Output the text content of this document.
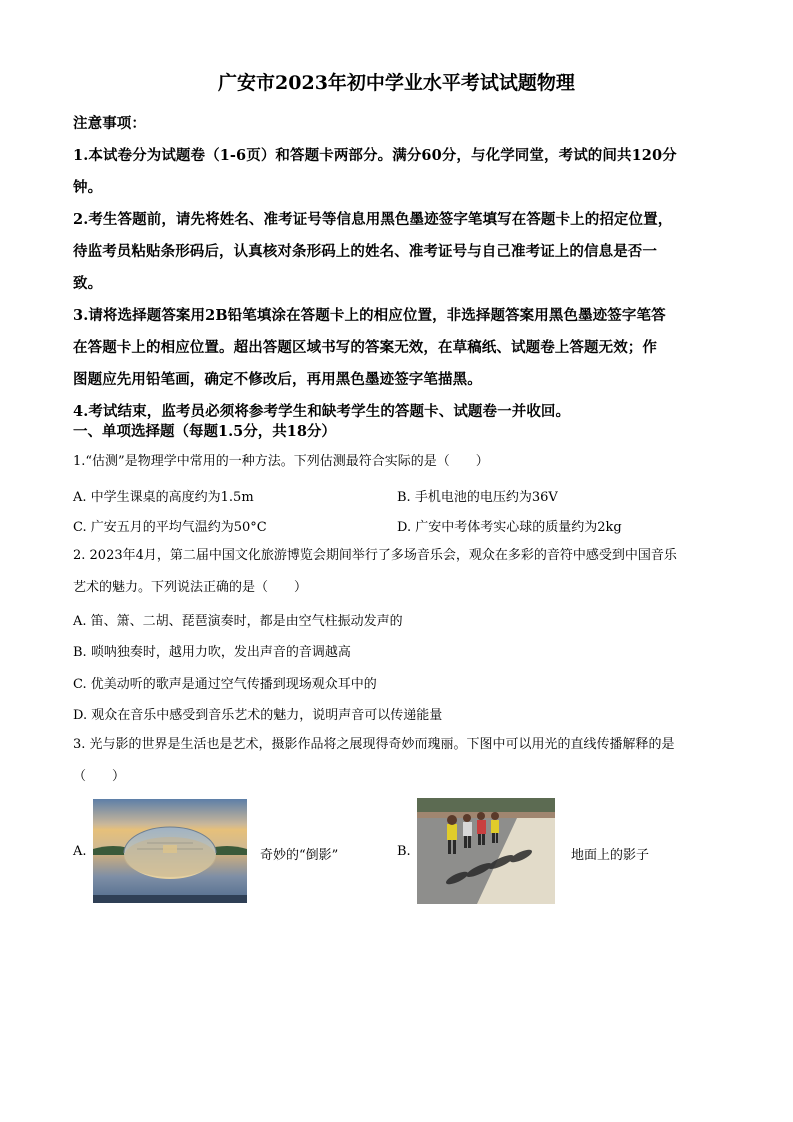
广安市2023年初中学业水平考试试题物理
注意事项：
1.本试卷分为试题卷（1-6页）和答题卡两部分。满分60分，与化学同堂，考试的间共120分
钟。
2.考生答题前，请先将姓名、准考证号等信息用黑色墨迹签字笔填写在答题卡上的招定位置，
待监考员粘贴条形码后，认真核对条形码上的姓名、准考证号与自己准考证上的信息是否一
致。
3.请将选择题答案用2B铅笔填涂在答题卡上的相应位置，非选择题答案用黑色墨迹签字笔答
在答题卡上的相应位置。超出答题区域书写的答案无效，在草稿纸、试题卷上答题无效；作
图题应先用铅笔画，确定不修改后，再用黑色墨迹签字笔描黑。
4.考试结束，监考员必须将参考学生和缺考学生的答题卡、试题卷一并收回。
一、单项选择题（每题1.5分，共18分）
1.“估测”是物理学中常用的一种方法。下列估测最符合实际的是（　　）
A. 中学生课桌的高度约为1.5m	B. 手机电池的电压约为36V
C. 广安五月的平均气温约为50°C	D. 广安中考体考实心球的质量约为2kg
2. 2023年4月，第二届中国文化旅游博览会期间举行了多场音乐会，观众在多彩的音符中感受到中国音乐
艺术的魅力。下列说法正确的是（　　）
A. 笛、箫、二胡、琵琶演奏时，都是由空气柱振动发声的
B. 唢呐独奏时，越用力吹，发出声音的音调越高
C. 优美动听的歌声是通过空气传播到现场观众耳中的
D. 观众在音乐中感受到音乐艺术的魅力，说明声音可以传递能量
3. 光与影的世界是生活也是艺术，摄影作品将之展现得奇妙而瑰丽。下图中可以用光的直线传播解释的是
（　　）
A.	奇妙的“倒影”	B.	地面上的影子
